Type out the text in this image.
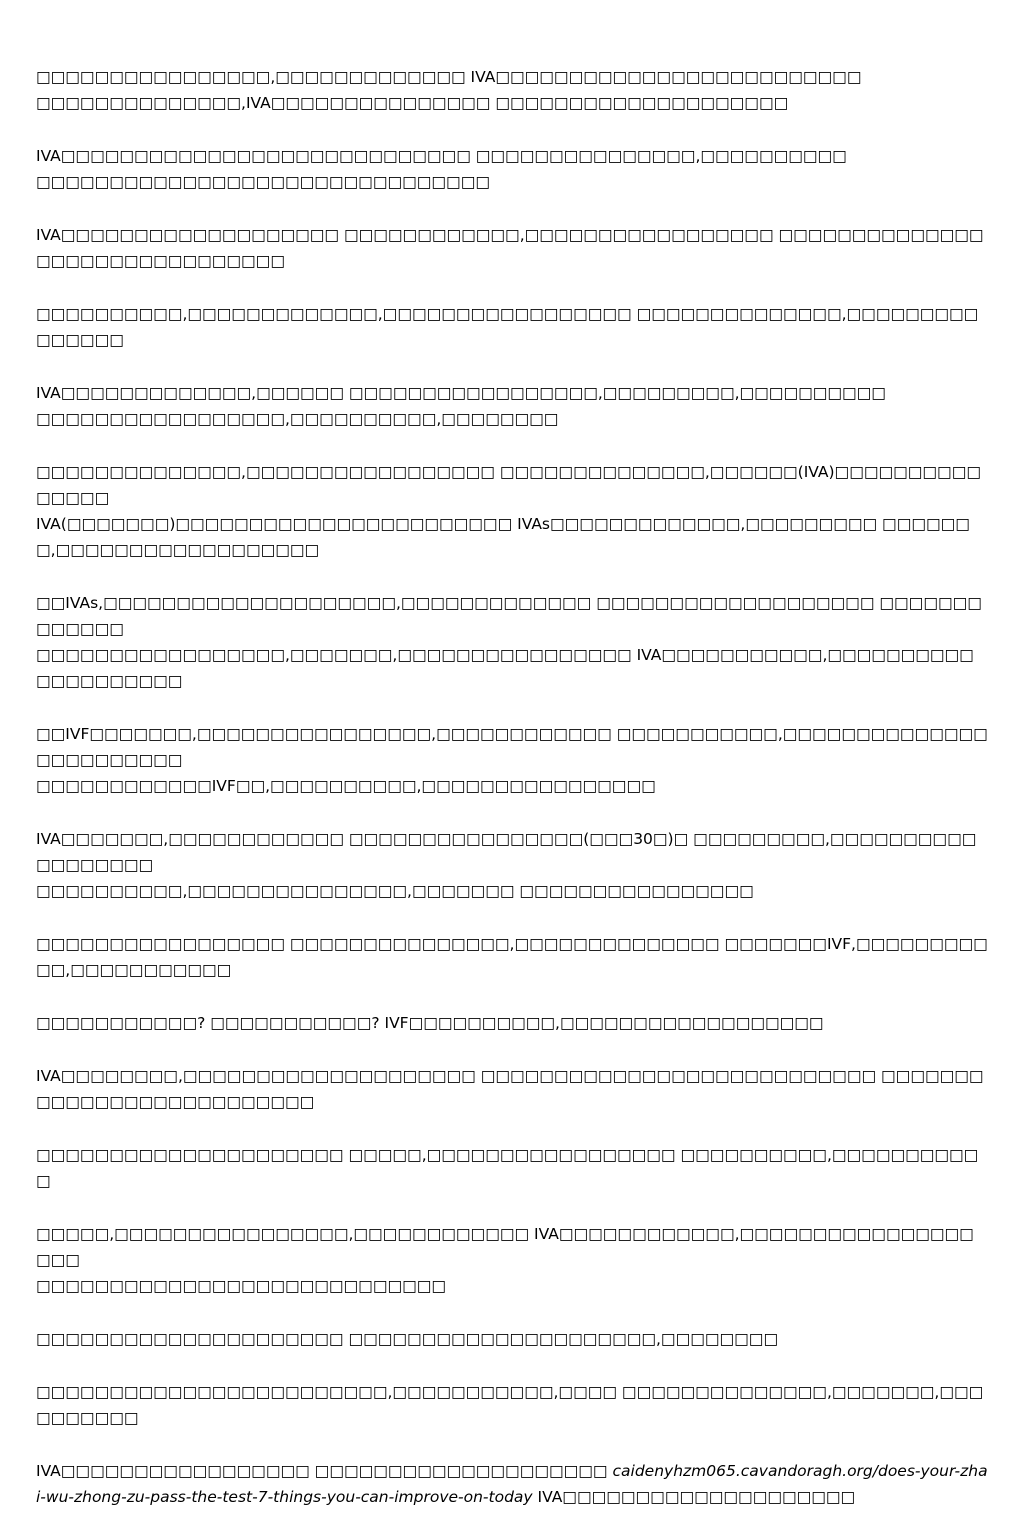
□□□□□□□□□□□□□□□□,□□□□□□□□□□□□□ IVA□□□□□□□□□□□□□□□□□□□□□□□□□
□□□□□□□□□□□□□□,IVA□□□□□□□□□□□□□□□ □□□□□□□□□□□□□□□□□□□□

IVA□□□□□□□□□□□□□□□□□□□□□□□□□□□□ □□□□□□□□□□□□□□□,□□□□□□□□□□
□□□□□□□□□□□□□□□□□□□□□□□□□□□□□□□

IVA□□□□□□□□□□□□□□□□□□□ □□□□□□□□□□□□,□□□□□□□□□□□□□□□□□ □□□□□□□□□□□□□□□□□□□□□□□□□□□□□□□

□□□□□□□□□□,□□□□□□□□□□□□□,□□□□□□□□□□□□□□□□□ □□□□□□□□□□□□□□,□□□□□□□□□□□□□□□

IVA□□□□□□□□□□□□□,□□□□□□ □□□□□□□□□□□□□□□□□,□□□□□□□□□,□□□□□□□□□□
□□□□□□□□□□□□□□□□□,□□□□□□□□□□,□□□□□□□□

□□□□□□□□□□□□□□,□□□□□□□□□□□□□□□□□ □□□□□□□□□□□□□□,□□□□□□(IVA)□□□□□□□□□□□□□□□
IVA(□□□□□□□)□□□□□□□□□□□□□□□□□□□□□□□ IVAs□□□□□□□□□□□□□,□□□□□□□□□ □□□□□□□,□□□□□□□□□□□□□□□□□□

□□IVAs,□□□□□□□□□□□□□□□□□□□□,□□□□□□□□□□□□□ □□□□□□□□□□□□□□□□□□□ □□□□□□□□□□□□□
□□□□□□□□□□□□□□□□□,□□□□□□□,□□□□□□□□□□□□□□□□ IVA□□□□□□□□□□□,□□□□□□□□□□□□□□□□□□□□

□□IVF□□□□□□□,□□□□□□□□□□□□□□□□,□□□□□□□□□□□□ □□□□□□□□□□□,□□□□□□□□□□□□□□□□□□□□□□□□
□□□□□□□□□□□□IVF□□,□□□□□□□□□□,□□□□□□□□□□□□□□□□

IVA□□□□□□□,□□□□□□□□□□□□ □□□□□□□□□□□□□□□□(□□□30□)□ □□□□□□□□□,□□□□□□□□□□□□□□□□□□
□□□□□□□□□□,□□□□□□□□□□□□□□□,□□□□□□□ □□□□□□□□□□□□□□□□

□□□□□□□□□□□□□□□□□ □□□□□□□□□□□□□□□,□□□□□□□□□□□□□□ □□□□□□□IVF,□□□□□□□□□□□,□□□□□□□□□□□

□□□□□□□□□□□? □□□□□□□□□□□? IVF□□□□□□□□□□,□□□□□□□□□□□□□□□□□□

IVA□□□□□□□□,□□□□□□□□□□□□□□□□□□□□ □□□□□□□□□□□□□□□□□□□□□□□□□□□ □□□□□□□□□□□□□□□□□□□□□□□□□□

□□□□□□□□□□□□□□□□□□□□□ □□□□□,□□□□□□□□□□□□□□□□□ □□□□□□□□□□,□□□□□□□□□□□

□□□□□,□□□□□□□□□□□□□□□□,□□□□□□□□□□□□ IVA□□□□□□□□□□□□,□□□□□□□□□□□□□□□□□□□
□□□□□□□□□□□□□□□□□□□□□□□□□□□□

□□□□□□□□□□□□□□□□□□□□□ □□□□□□□□□□□□□□□□□□□□□,□□□□□□□□

□□□□□□□□□□□□□□□□□□□□□□□□,□□□□□□□□□□□,□□□□ □□□□□□□□□□□□□□,□□□□□□□,□□□□□□□□□□

IVA□□□□□□□□□□□□□□□□□ □□□□□□□□□□□□□□□□□□□□ caidenyhzm065.cavandoragh.org/does-your-zhai-wu-zhong-zu-pass-the-test-7-things-you-can-improve-on-today IVA□□□□□□□□□□□□□□□□□□□□
